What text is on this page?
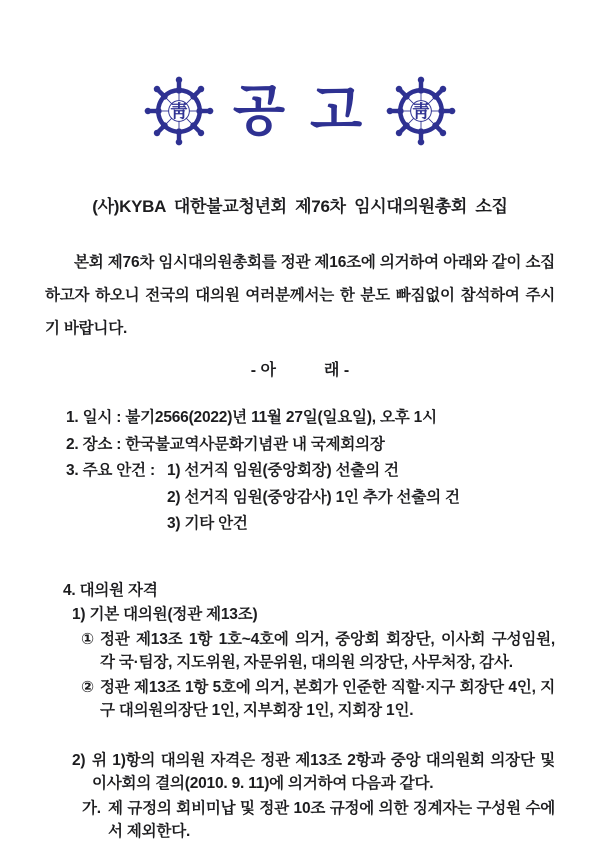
靑 공 고 靑
(사)KYBA 대한불교청년회 제76차 임시대의원총회 소집
본회 제76차 임시대의원총회를 정관 제16조에 의거하여 아래와 같이 소집
하고자 하오니 전국의 대의원 여러분께서는 한 분도 빠짐없이 참석하여 주시
기 바랍니다.
- 아　　　래 -
1. 일시 : 불기2566(2022)년 11월 27일(일요일), 오후 1시
2. 장소 : 한국불교역사문화기념관 내 국제회의장
3. 주요 안건 : 1) 선거직 임원(중앙회장) 선출의 건
2) 선거직 임원(중앙감사) 1인 추가 선출의 건
3) 기타 안건
4. 대의원 자격
1) 기본 대의원(정관 제13조)
① 정관 제13조 1항 1호~4호에 의거, 중앙회 회장단, 이사회 구성임원,
각 국·팀장, 지도위원, 자문위원, 대의원 의장단, 사무처장, 감사.
② 정관 제13조 1항 5호에 의거, 본회가 인준한 직할·지구 회장단 4인, 지
구 대의원의장단 1인, 지부회장 1인, 지회장 1인.
2) 위 1)항의 대의원 자격은 정관 제13조 2항과 중앙 대의원회 의장단 및
이사회의 결의(2010. 9. 11)에 의거하여 다음과 같다.
가. 제 규정의 회비미납 및 정관 10조 규정에 의한 징계자는 구성원 수에
서 제외한다.
